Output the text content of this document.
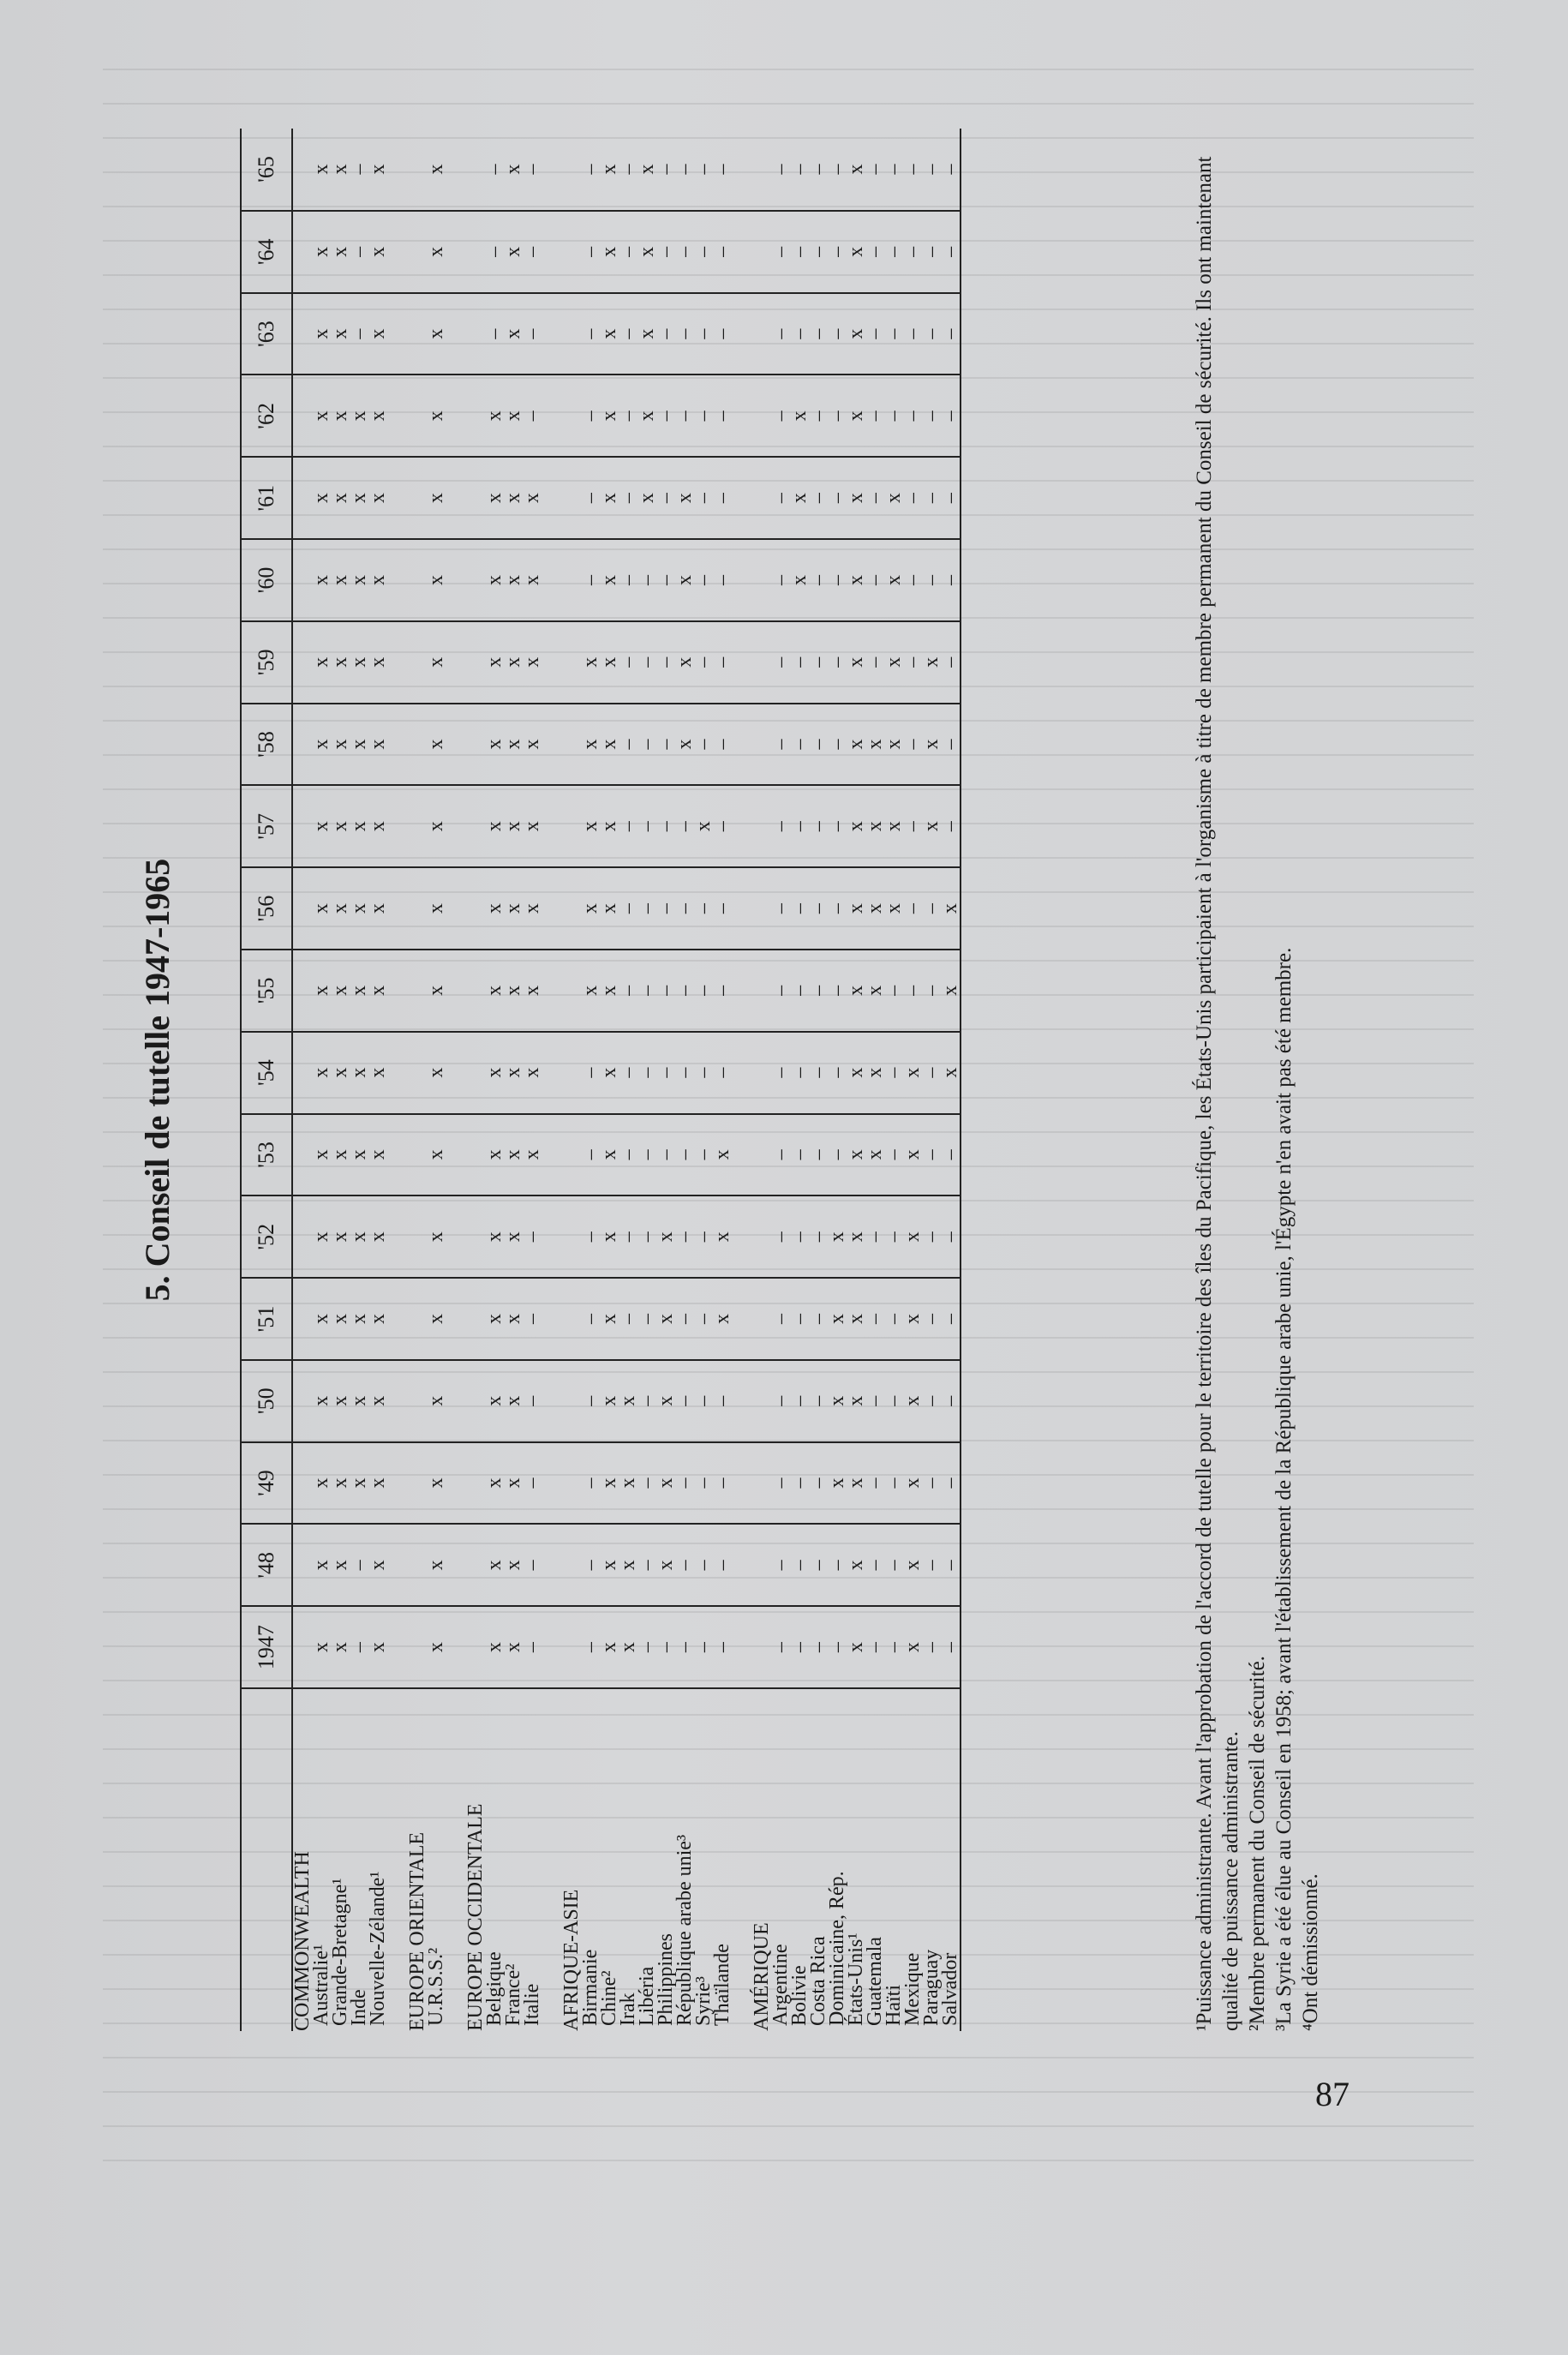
5. Conseil de tutelle 1947-1965
	1947	'48	'49	'50	'51	'52	'53	'54	'55	'56	'57	'58	'59	'60	'61	'62	'63	'64	'65
COMMONWEALTH																			
Australie¹	x	x	x	x	x	x	x	x	x	x	x	x	x	x	x	x	x	x	x
Grande-Bretagne¹	x	x	x	x	x	x	x	x	x	x	x	x	x	x	x	x	x	x	x
Inde	–	–	x	x	x	x	x	x	x	x	x	x	x	x	x	x	–	–	–
Nouvelle-Zélande¹	x	x	x	x	x	x	x	x	x	x	x	x	x	x	x	x	x	x	x

EUROPE ORIENTALE																			
U.R.S.S.²	x	x	x	x	x	x	x	x	x	x	x	x	x	x	x	x	x	x	x

EUROPE OCCIDENTALE																			
Belgique	x	x	x	x	x	x	x	x	x	x	x	x	x	x	x	x	–	–	–
France²	x	x	x	x	x	x	x	x	x	x	x	x	x	x	x	x	x	x	x
Italie	–	–	–	–	–	–	x	x	x	x	x	x	x	x	x	–	–	–	–

AFRIQUE-ASIE																			
Birmanie	–	–	–	–	–	–	–	–	x	x	x	x	x	–	–	–	–	–	–
Chine²	x	x	x	x	x	x	x	x	x	x	x	x	x	x	x	x	x	x	x
Irak	x	x	x	x	–	–	–	–	–	–	–	–	–	–	–	–	–	–	–
Libéria	–	–	–	–	–	–	–	–	–	–	–	–	–	–	x	x	x	x	x
Philippines	–	x	x	x	x	x	–	–	–	–	–	–	–	–	–	–	–	–	–
République arabe unie³	–	–	–	–	–	–	–	–	–	–	–	x	x	x	x	–	–	–	–
Syrie³	–	–	–	–	–	–	–	–	–	–	x	–	–	–	–	–	–	–	–
Thaïlande	–	–	–	–	x	x	x	–	–	–	–	–	–	–	–	–	–	–	–

AMÉRIQUE																			
Argentine	–	–	–	–	–	–	–	–	–	–	–	–	–	–	–	–	–	–	–
Bolivie	–	–	–	–	–	–	–	–	–	–	–	–	–	x	x	x	–	–	–
Costa Rica	–	–	–	–	–	–	–	–	–	–	–	–	–	–	–	–	–	–	–
Dominicaine, Rép.	–	–	x	x	x	x	–	–	–	–	–	–	–	–	–	–	–	–	–
États-Unis¹	x	x	x	x	x	x	x	x	x	x	x	x	x	x	x	x	x	x	x
Guatemala	–	–	–	–	–	–	x	x	x	x	x	x	–	–	–	–	–	–	–
Haïti	–	–	–	–	–	–	–	–	–	x	x	x	x	x	x	–	–	–	–
Mexique	x	x	x	x	x	x	x	x	–	–	–	–	–	–	–	–	–	–	–
Paraguay	–	–	–	–	–	–	–	–	–	–	x	x	x	–	–	–	–	–	–
Salvador	–	–	–	–	–	–	–	x	x	x	–	–	–	–	–	–	–	–	–	¹Puissance administrante. Avant l'approbation de l'accord de tutelle pour le territoire des îles du Pacifique, les États-Unis participaient à l'organisme à titre de membre permanent du Conseil de sécurité. Ils ont maintenant qualité de puissance administrante. ²Membre permanent du Conseil de sécurité. ³La Syrie a été élue au Conseil en 1958; avant l'établissement de la République arabe unie, l'Égypte n'en avait pas été membre. ⁴Ont démissionné.

87
